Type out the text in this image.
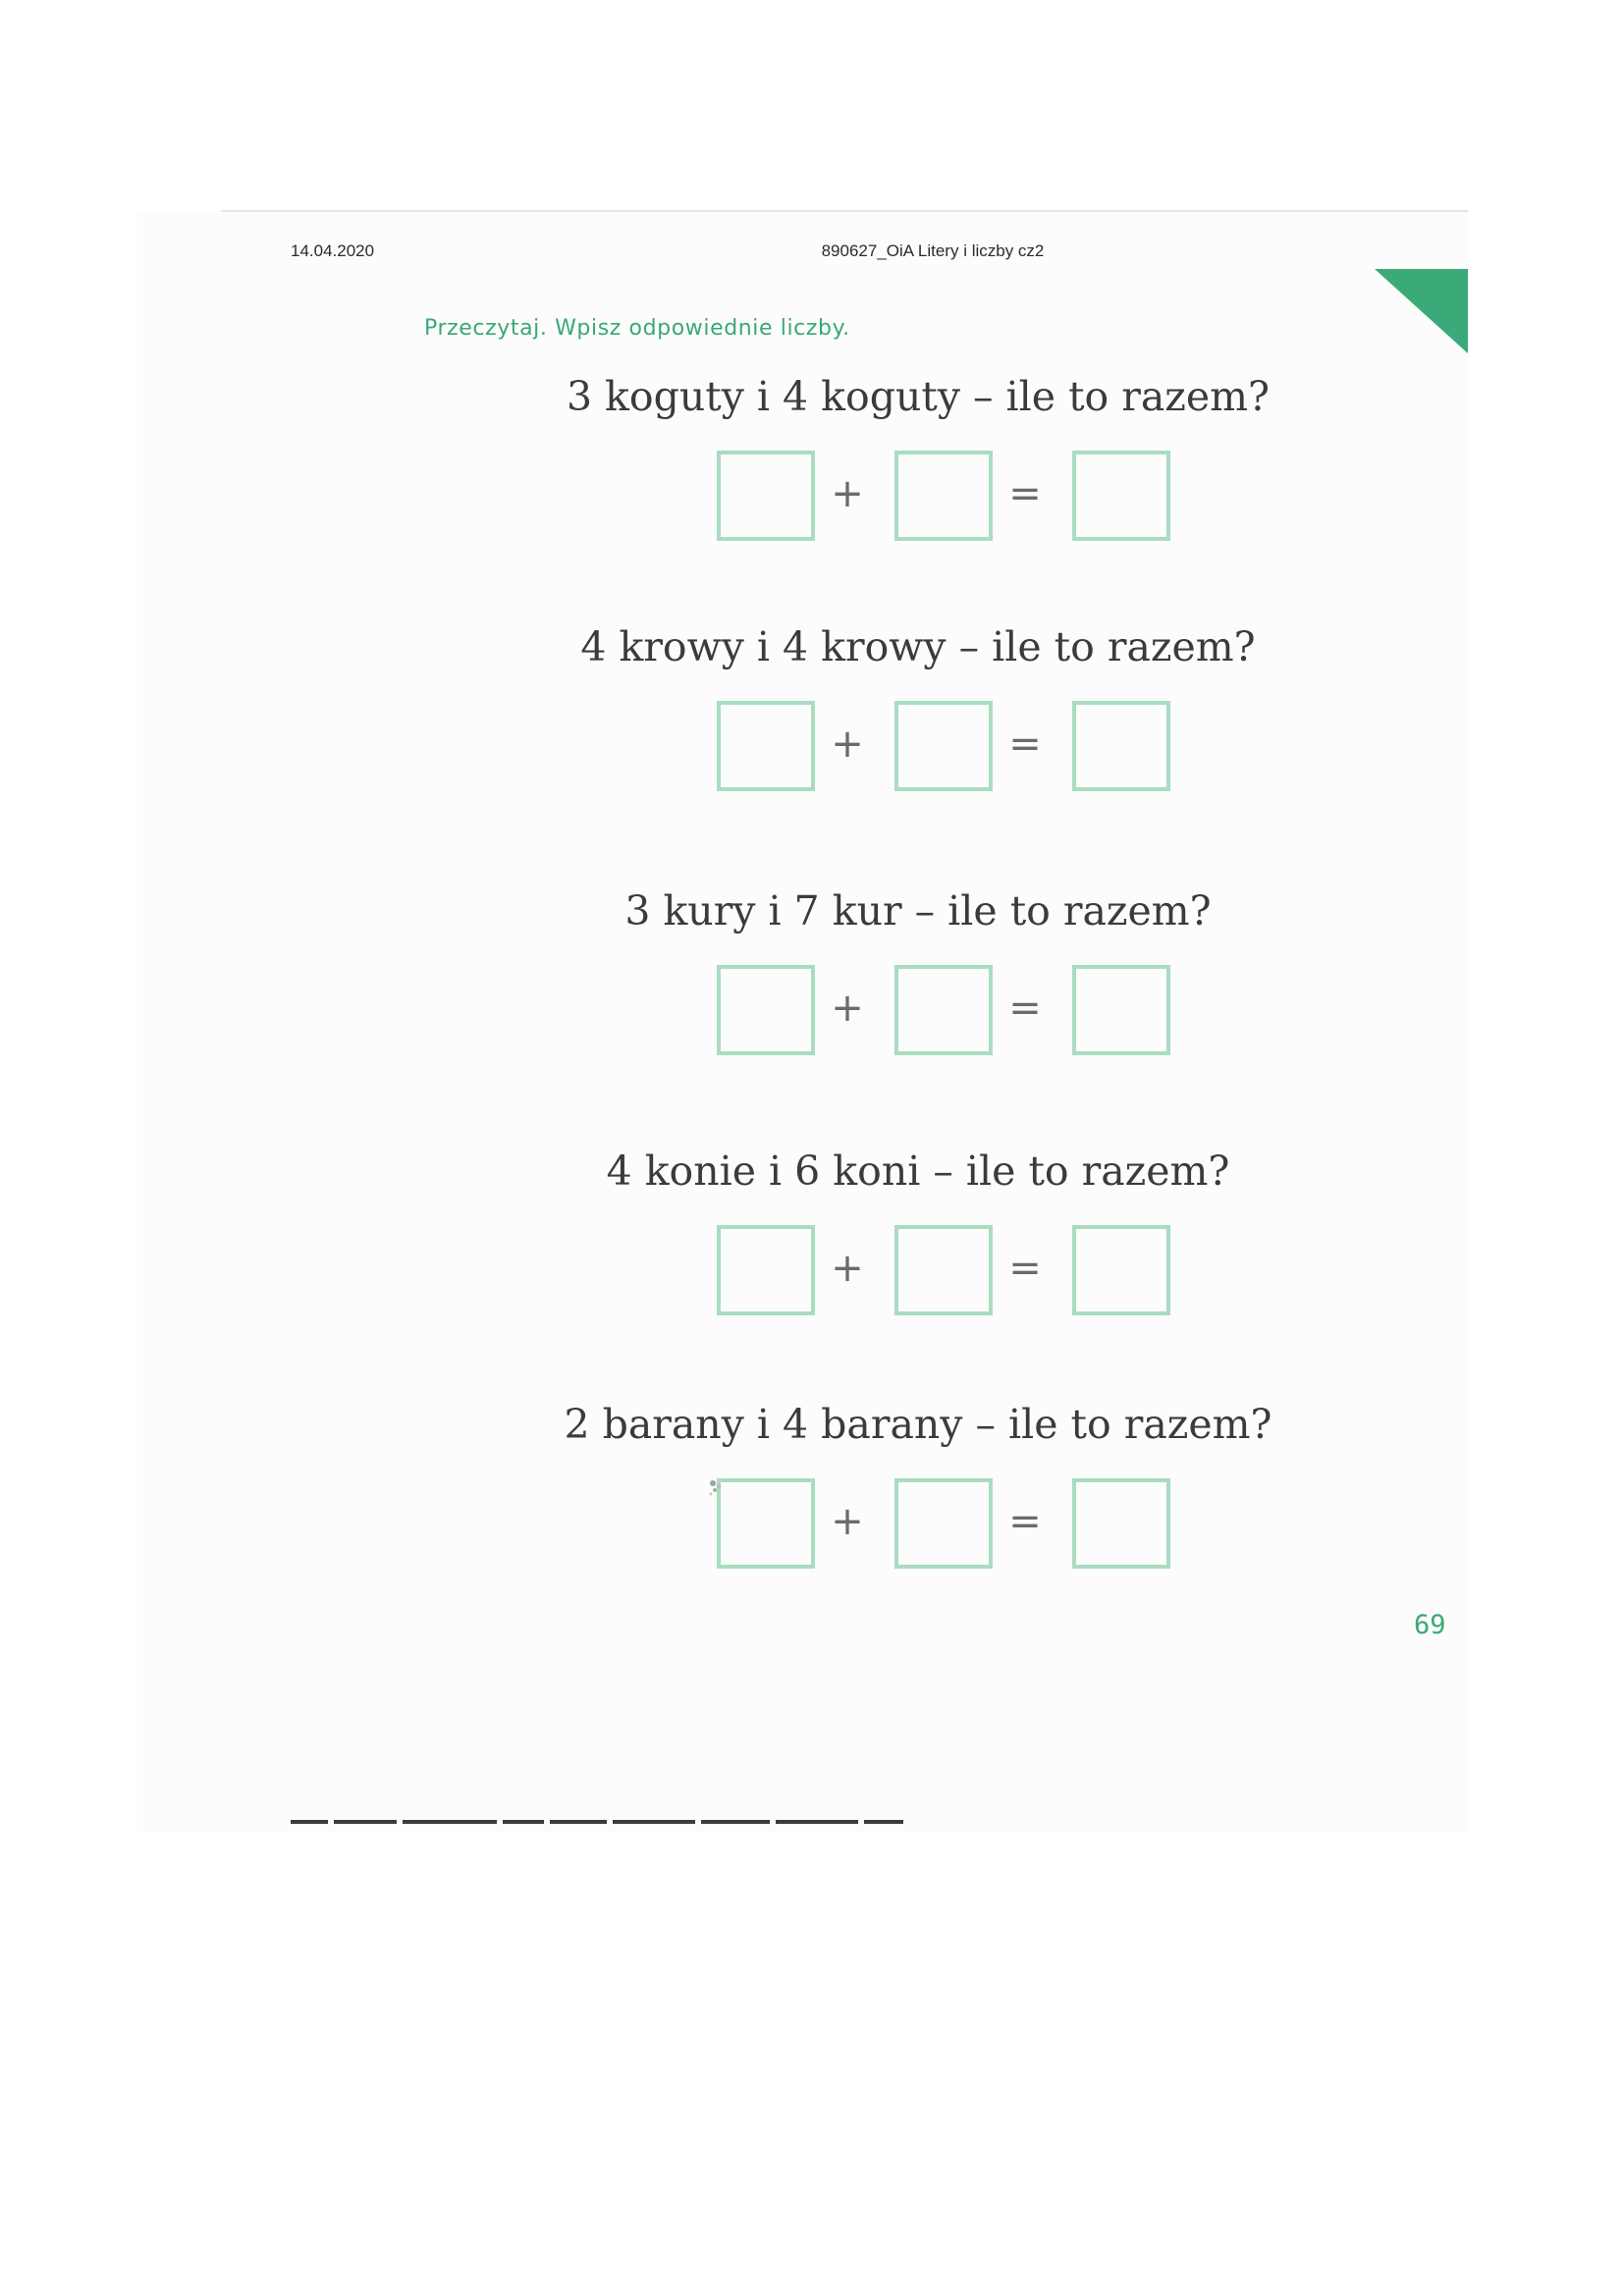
14.04.2020	890627_OiA Litery i liczby cz2
Przeczytaj. Wpisz odpowiednie liczby.
3 koguty i 4 koguty – ile to razem?
+	=
4 krowy i 4 krowy – ile to razem?
+	=
3 kury i 7 kur – ile to razem?
+	=
4 konie i 6 koni – ile to razem?
+	=
2 barany i 4 barany – ile to razem?
+	=
69
